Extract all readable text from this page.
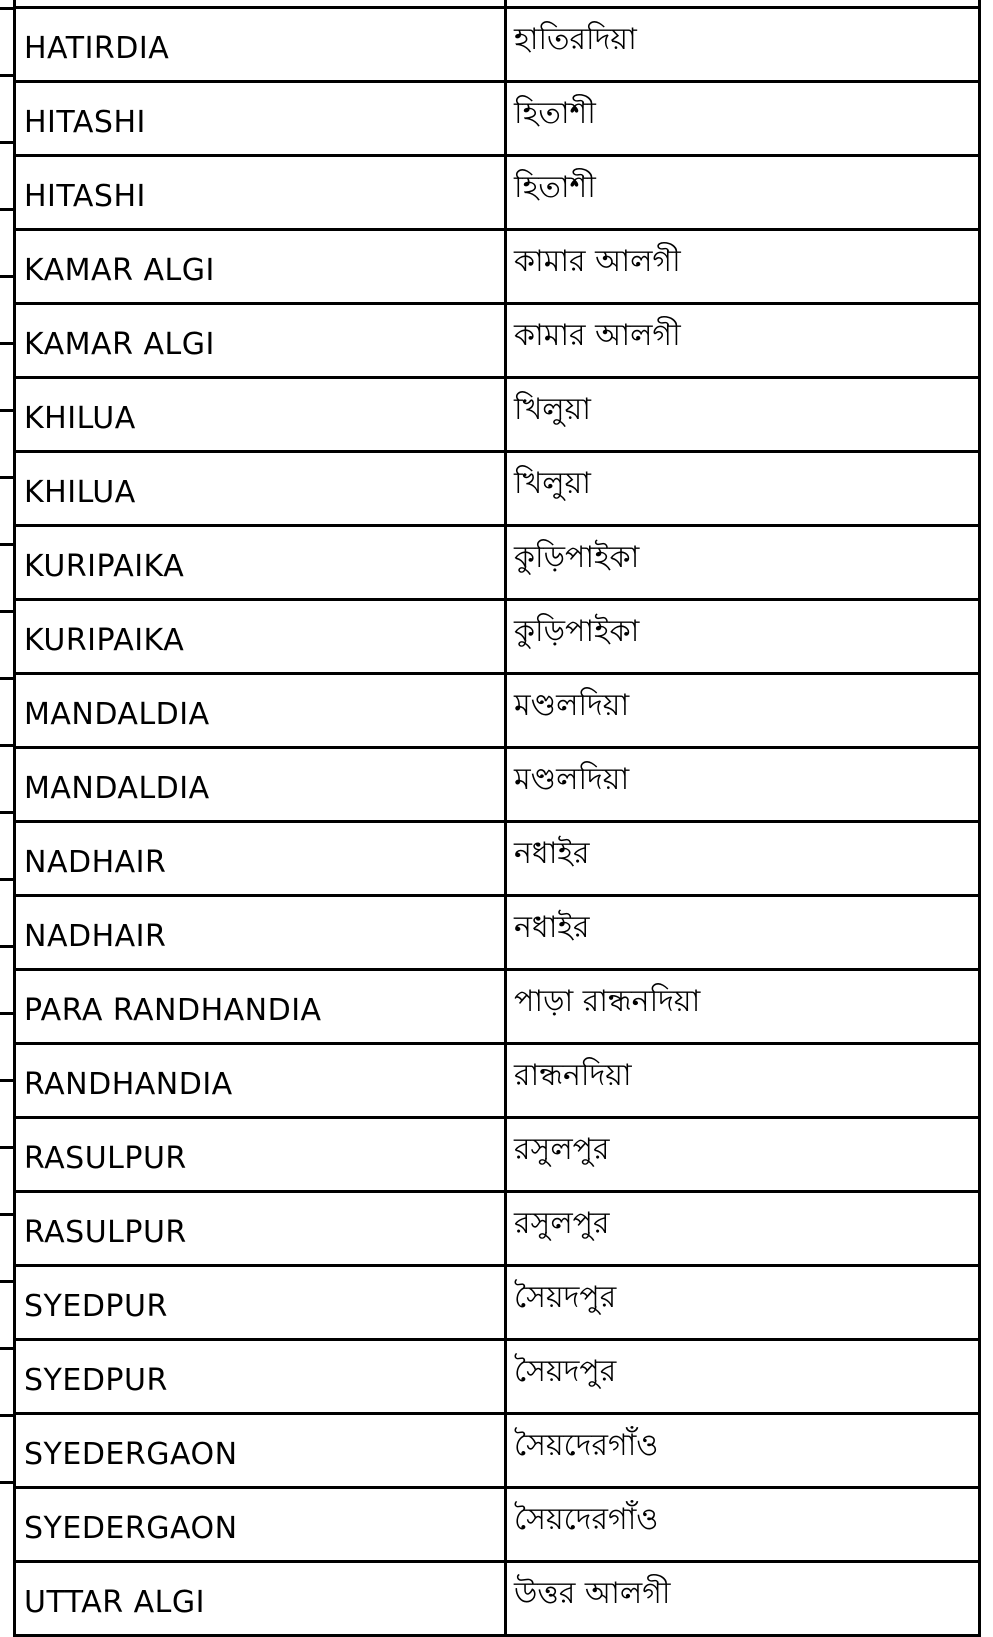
HATIRDIA	হাতিরদিয়া
HITASHI	হিতাশী
HITASHI	হিতাশী
KAMAR ALGI	কামার আলগী
KAMAR ALGI	কামার আলগী
KHILUA	খিলুয়া
KHILUA	খিলুয়া
KURIPAIKA	কুড়িপাইকা
KURIPAIKA	কুড়িপাইকা
MANDALDIA	মণ্ডলদিয়া
MANDALDIA	মণ্ডলদিয়া
NADHAIR	নধাইর
NADHAIR	নধাইর
PARA RANDHANDIA	পাড়া রান্ধনদিয়া
RANDHANDIA	রান্ধনদিয়া
RASULPUR	রসুলপুর
RASULPUR	রসুলপুর
SYEDPUR	সৈয়দপুর
SYEDPUR	সৈয়দপুর
SYEDERGAON	সৈয়দেরগাঁও
SYEDERGAON	সৈয়দেরগাঁও
UTTAR ALGI	উত্তর আলগী
